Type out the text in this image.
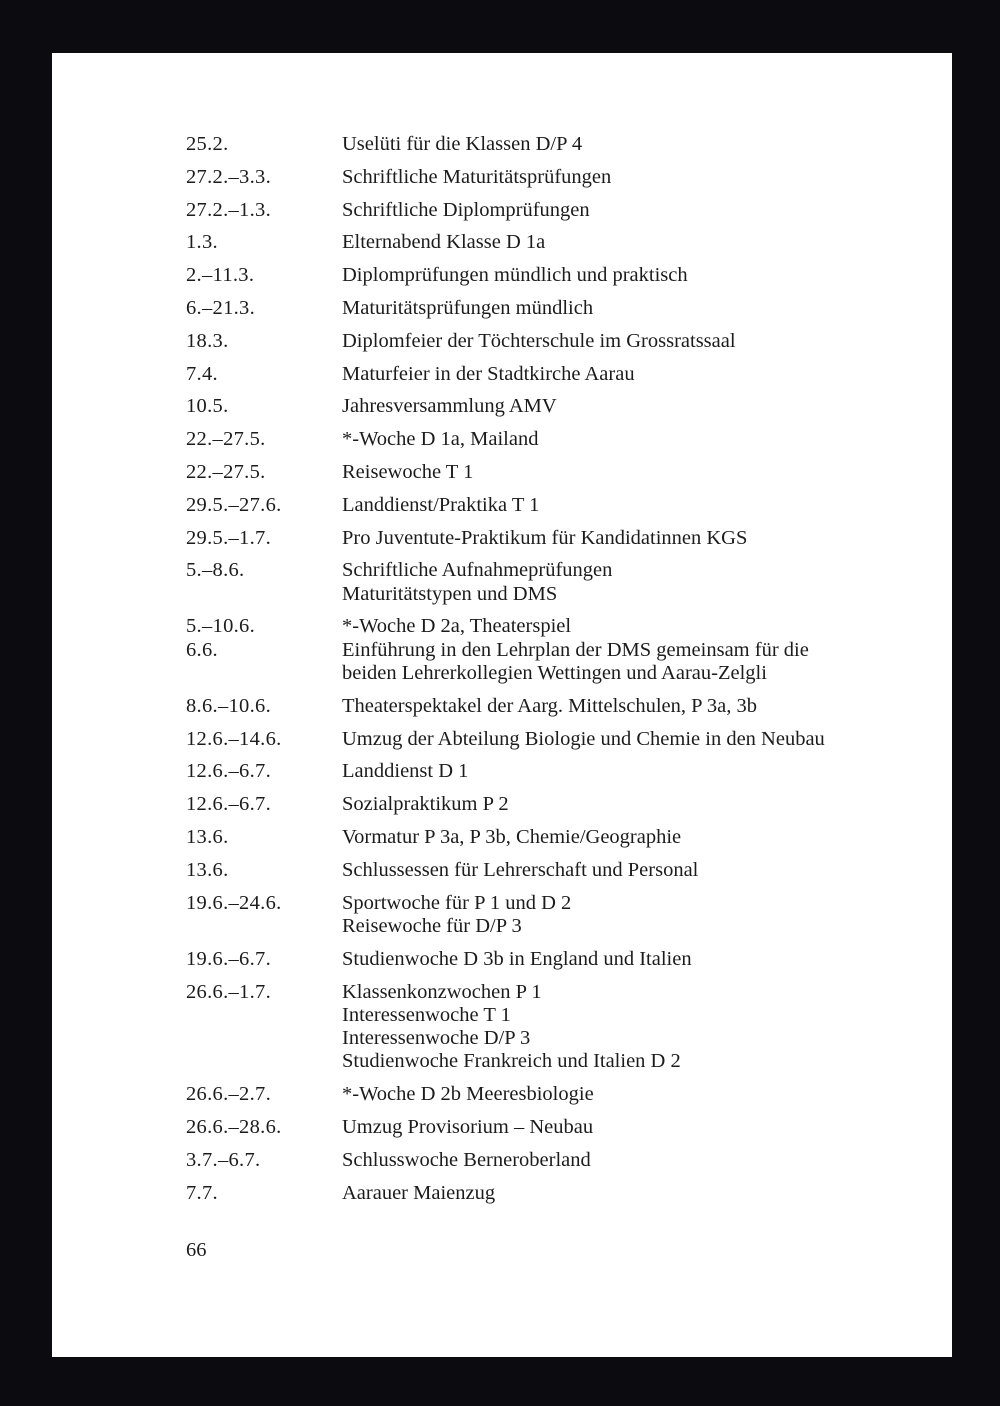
25.2.	Uselüti für die Klassen D/P 4
27.2.–3.3.	Schriftliche Maturitätsprüfungen
27.2.–1.3.	Schriftliche Diplomprüfungen
1.3.	Elternabend Klasse D 1a
2.–11.3.	Diplomprüfungen mündlich und praktisch
6.–21.3.	Maturitätsprüfungen mündlich
18.3.	Diplomfeier der Töchterschule im Grossratssaal
7.4.	Maturfeier in der Stadtkirche Aarau
10.5.	Jahresversammlung AMV
22.–27.5.	*-Woche D 1a, Mailand
22.–27.5.	Reisewoche T 1
29.5.–27.6.	Landdienst/Praktika T 1
29.5.–1.7.	Pro Juventute-Praktikum für Kandidatinnen KGS
5.–8.6.	Schriftliche Aufnahmeprüfungen
Maturitätstypen und DMS
5.–10.6.	*-Woche D 2a, Theaterspiel
6.6.	Einführung in den Lehrplan der DMS gemeinsam für die
beiden Lehrerkollegien Wettingen und Aarau-Zelgli
8.6.–10.6.	Theaterspektakel der Aarg. Mittelschulen, P 3a, 3b
12.6.–14.6.	Umzug der Abteilung Biologie und Chemie in den Neubau
12.6.–6.7.	Landdienst D 1
12.6.–6.7.	Sozialpraktikum P 2
13.6.	Vormatur P 3a, P 3b, Chemie/Geographie
13.6.	Schlussessen für Lehrerschaft und Personal
19.6.–24.6.	Sportwoche für P 1 und D 2
Reisewoche für D/P 3
19.6.–6.7.	Studienwoche D 3b in England und Italien
26.6.–1.7.	Klassenkonzwochen P 1
Interessenwoche T 1
Interessenwoche D/P 3
Studienwoche Frankreich und Italien D 2
26.6.–2.7.	*-Woche D 2b Meeresbiologie
26.6.–28.6.	Umzug Provisorium – Neubau
3.7.–6.7.	Schlusswoche Berneroberland
7.7.	Aarauer Maienzug
66
